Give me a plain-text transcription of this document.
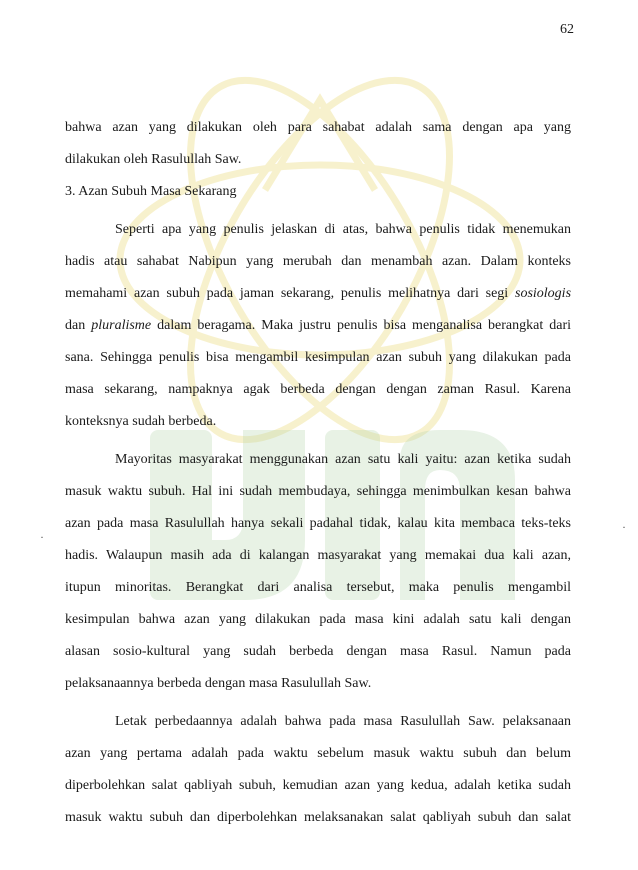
62
bahwa azan yang dilakukan oleh para sahabat adalah sama dengan apa yang
dilakukan oleh Rasulullah Saw.
3. Azan Subuh Masa Sekarang
Seperti apa yang penulis jelaskan di atas, bahwa penulis tidak menemukan
hadis atau sahabat Nabipun yang merubah dan menambah azan. Dalam konteks
memahami azan subuh pada jaman sekarang, penulis melihatnya dari segi sosiologis
dan pluralisme dalam beragama. Maka justru penulis bisa menganalisa berangkat dari
sana. Sehingga penulis bisa mengambil kesimpulan azan subuh yang dilakukan pada
masa sekarang, nampaknya agak berbeda dengan dengan zaman Rasul. Karena
konteksnya sudah berbeda.
Mayoritas masyarakat menggunakan azan satu kali yaitu: azan ketika sudah
masuk waktu subuh. Hal ini sudah membudaya, sehingga menimbulkan kesan bahwa
azan pada masa Rasulullah hanya sekali padahal tidak, kalau kita membaca teks-teks
hadis. Walaupun masih ada di kalangan masyarakat yang memakai dua kali azan,
itupun minoritas. Berangkat dari analisa tersebut, maka penulis mengambil
kesimpulan bahwa azan yang dilakukan pada masa kini adalah satu kali dengan
alasan sosio-kultural yang sudah berbeda dengan masa Rasul. Namun pada
pelaksanaannya berbeda dengan masa Rasulullah Saw.
Letak perbedaannya adalah bahwa pada masa Rasulullah Saw. pelaksanaan
azan yang pertama adalah pada waktu sebelum masuk waktu subuh dan belum
diperbolehkan salat qabliyah subuh, kemudian azan yang kedua, adalah ketika sudah
masuk waktu subuh dan diperbolehkan melaksanakan salat qabliyah subuh dan salat
·
·
